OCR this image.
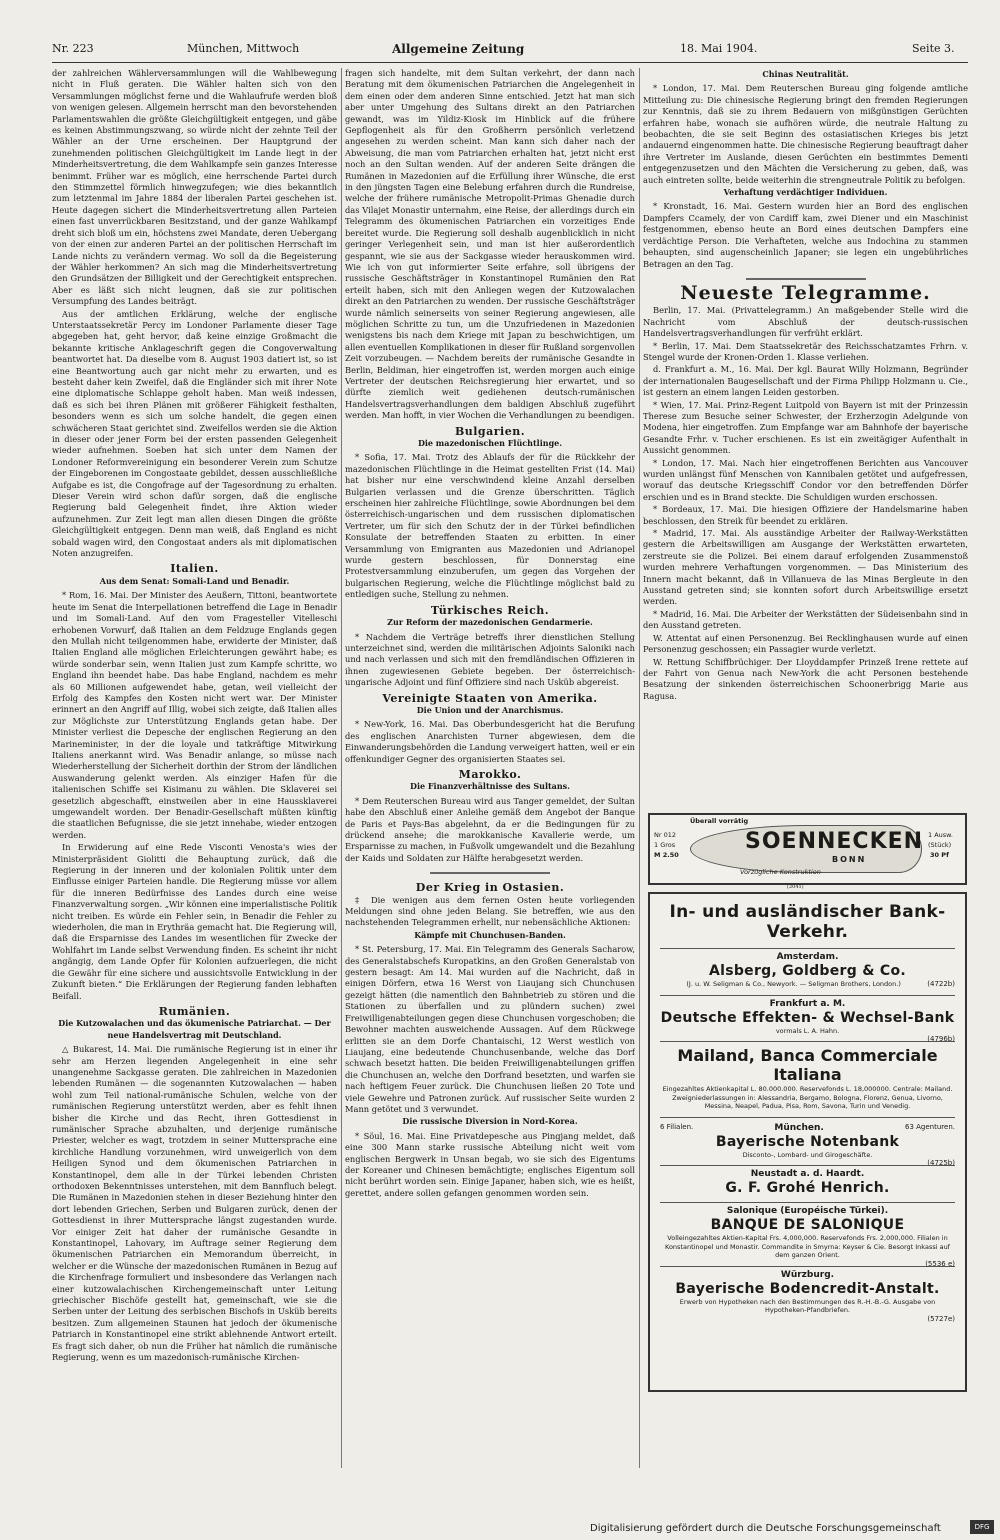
Nr. 223	München, Mittwoch	Allgemeine Zeitung	18. Mai 1904.	Seite 3.

der zahlreichen Wählerversammlungen will die Wahlbewegung nicht in Fluß geraten. Die Wähler halten sich von den Versammlungen möglichst ferne und die Wahlaufrufe werden bloß von wenigen gelesen. Allgemein herrscht man den bevorstehenden Parlamentswahlen die größte Gleichgültigkeit entgegen, und gäbe es keinen Abstimmungszwang, so würde nicht der zehnte Teil der Wähler an der Urne erscheinen. Der Hauptgrund der zunehmenden politischen Gleichgültigkeit im Lande liegt in der Minderheitsvertretung, die dem Wahlkampfe sein ganzes Interesse benimmt. Früher war es möglich, eine herrschende Partei durch den Stimmzettel förmlich hinwegzufegen; wie dies bekanntlich zum letztenmal im Jahre 1884 der liberalen Partei geschehen ist. Heute dagegen sichert die Minderheitsvertretung allen Parteien einen fast unverrückbaren Besitzstand, und der ganze Wahlkampf dreht sich bloß um ein, höchstens zwei Mandate, deren Uebergang von der einen zur anderen Partei an der politischen Herrschaft im Lande nichts zu verändern vermag. Wo soll da die Begeisterung der Wähler herkommen? An sich mag die Minderheitsvertretung den Grundsätzen der Billigkeit und der Gerechtigkeit entsprechen. Aber es läßt sich nicht leugnen, daß sie zur politischen Versumpfung des Landes beiträgt.

Aus der amtlichen Erklärung, welche der englische Unterstaatssekretär Percy im Londoner Parlamente dieser Tage abgegeben hat, geht hervor, daß keine einzige Großmacht die bekannte kritische Anklageschrift gegen die Congoverwaltung beantwortet hat. Da dieselbe vom 8. August 1903 datiert ist, so ist eine Beantwortung auch gar nicht mehr zu erwarten, und es besteht daher kein Zweifel, daß die Engländer sich mit ihrer Note eine diplomatische Schlappe geholt haben. Man weiß indessen, daß es sich bei ihren Plänen mit größerer Fähigkeit festhalten, besonders wenn es sich um solche handelt, die gegen einen schwächeren Staat gerichtet sind. Zweifellos werden sie die Aktion in dieser oder jener Form bei der ersten passenden Gelegenheit wieder aufnehmen. Soeben hat sich unter dem Namen der Londoner Reformvereinigung ein besonderer Verein zum Schutze der Eingeborenen im Congostaate gebildet, dessen ausschließliche Aufgabe es ist, die Congofrage auf der Tagesordnung zu erhalten. Dieser Verein wird schon dafür sorgen, daß die englische Regierung bald Gelegenheit findet, ihre Aktion wieder aufzunehmen. Zur Zeit legt man allen diesen Dingen die größte Gleichgültigkeit entgegen. Denn man weiß, daß England es nicht sobald wagen wird, den Congostaat anders als mit diplomatischen Noten anzugreifen.

Italien.
Aus dem Senat: Somali-Land und Benadir.

* Rom, 16. Mai. Der Minister des Aeußern, Tittoni, beantwortete heute im Senat die Interpellationen betreffend die Lage in Benadir und im Somali-Land. Auf den vom Fragesteller Vitelleschi erhobenen Vorwurf, daß Italien an dem Feldzuge Englands gegen den Mullah nicht teilgenommen habe, erwiderte der Minister, daß Italien England alle möglichen Erleichterungen gewährt habe; es würde sonderbar sein, wenn Italien just zum Kampfe schritte, wo England ihn beendet habe. Das habe England, nachdem es mehr als 60 Millionen aufgewendet habe, getan, weil vielleicht der Erfolg des Kampfes den Kosten nicht wert war. Der Minister erinnert an den Angriff auf Illig, wobei sich zeigte, daß Italien alles zur Möglichste zur Unterstützung Englands getan habe. Der Minister verliest die Depesche der englischen Regierung an den Marineminister, in der die loyale und tatkräftige Mitwirkung Italiens anerkannt wird. Was Benadir anlange, so müsse nach Wiederherstellung der Sicherheit dorthin der Strom der ländlichen Auswanderung gelenkt werden. Als einziger Hafen für die italienischen Schiffe sei Kisimanu zu wählen. Die Sklaverei sei gesetzlich abgeschafft, einstweilen aber in eine Haussklaverei umgewandelt worden. Der Benadir-Gesellschaft müßten künftig die staatlichen Befugnisse, die sie jetzt innehabe, wieder entzogen werden.

In Erwiderung auf eine Rede Visconti Venosta's wies der Ministerpräsident Giolitti die Behauptung zurück, daß die Regierung in der inneren und der kolonialen Politik unter dem Einflusse einiger Parteien handle. Die Regierung müsse vor allem für die inneren Bedürfnisse des Landes durch eine weise Finanzverwaltung sorgen. „Wir können eine imperialistische Politik nicht treiben. Es würde ein Fehler sein, in Benadir die Fehler zu wiederholen, die man in Erythräa gemacht hat. Die Regierung will, daß die Ersparnisse des Landes im wesentlichen für Zwecke der Wohlfahrt im Lande selbst Verwendung finden. Es scheint ihr nicht angängig, dem Lande Opfer für Kolonien aufzuerlegen, die nicht die Gewähr für eine sichere und aussichtsvolle Entwicklung in der Zukunft bieten.“ Die Erklärungen der Regierung fanden lebhaften Beifall.

Rumänien.
Die Kutzowalachen und das ökumenische Patriarchat. — Der neue Handelsvertrag mit Deutschland.

△ Bukarest, 14. Mai. Die rumänische Regierung ist in einer ihr sehr am Herzen liegenden Angelegenheit in eine sehr unangenehme Sackgasse geraten. Die zahlreichen in Mazedonien lebenden Rumänen — die sogenannten Kutzowalachen — haben wohl zum Teil national-rumänische Schulen, welche von der rumänischen Regierung unterstützt werden, aber es fehlt ihnen bisher die Kirche und das Recht, ihren Gottesdienst in rumänischer Sprache abzuhalten, und derjenige rumänische Priester, welcher es wagt, trotzdem in seiner Muttersprache eine kirchliche Handlung vorzunehmen, wird unweigerlich von dem Heiligen Synod und dem ökumenischen Patriarchen in Konstantinopel, dem alle in der Türkei lebenden Christen orthodoxen Bekenntnisses unterstehen, mit dem Bannfluch belegt. Die Rumänen in Mazedonien stehen in dieser Beziehung hinter den dort lebenden Griechen, Serben und Bulgaren zurück, denen der Gottesdienst in ihrer Muttersprache längst zugestanden wurde. Vor einiger Zeit hat daher der rumänische Gesandte in Konstantinopel, Lahovary, im Auftrage seiner Regierung dem ökumenischen Patriarchen ein Memorandum überreicht, in welcher er die Wünsche der mazedonischen Rumänen in Bezug auf die Kirchenfrage formuliert und insbesondere das Verlangen nach einer kutzowalachischen Kirchengemeinschaft unter Leitung griechischer Bischöfe gestellt hat, gemeinschaft, wie sie die Serben unter der Leitung des serbischen Bischofs in Usküb bereits besitzen. Zum allgemeinen Staunen hat jedoch der ökumenische Patriarch in Konstantinopel eine strikt ablehnende Antwort erteilt. Es fragt sich daher, ob nun die Früher hat nämlich die rumänische Regierung, wenn es um mazedonisch-rumänische Kirchen-

fragen sich handelte, mit dem Sultan verkehrt, der dann nach Beratung mit dem ökumenischen Patriarchen die Angelegenheit in dem einen oder dem anderen Sinne entschied. Jetzt hat man sich aber unter Umgehung des Sultans direkt an den Patriarchen gewandt, was im Yildiz-Kiosk im Hinblick auf die frühere Gepflogenheit als für den Großherrn persönlich verletzend angesehen zu werden scheint. Man kann sich daher nach der Abweisung, die man vom Patriarchen erhalten hat, jetzt nicht erst noch an den Sultan wenden. Auf der anderen Seite drängen die Rumänen in Mazedonien auf die Erfüllung ihrer Wünsche, die erst in den jüngsten Tagen eine Belebung erfahren durch die Rundreise, welche der frühere rumänische Metropolit-Primas Ghenadie durch das Vilajet Monastir unternahm, eine Reise, der allerdings durch ein Telegramm des ökumenischen Patriarchen ein vorzeitiges Ende bereitet wurde. Die Regierung soll deshalb augenblicklich in nicht geringer Verlegenheit sein, und man ist hier außerordentlich gespannt, wie sie aus der Sackgasse wieder herauskommen wird. Wie ich von gut informierter Seite erfahre, soll übrigens der russische Geschäftsträger in Konstantinopel Rumänien den Rat erteilt haben, sich mit den Anliegen wegen der Kutzowalachen direkt an den Patriarchen zu wenden. Der russische Geschäftsträger wurde nämlich seinerseits von seiner Regierung angewiesen, alle möglichen Schritte zu tun, um die Unzufriedenen in Mazedonien wenigstens bis nach dem Kriege mit Japan zu beschwichtigen, um allen eventuellen Komplikationen in dieser für Rußland sorgenvollen Zeit vorzubeugen. — Nachdem bereits der rumänische Gesandte in Berlin, Beldiman, hier eingetroffen ist, werden morgen auch einige Vertreter der deutschen Reichsregierung hier erwartet, und so dürfte ziemlich weit gediehenen deutsch-rumänischen Handelsvertragsverhandlungen dem baldigen Abschluß zugeführt werden. Man hofft, in vier Wochen die Verhandlungen zu beendigen.

Bulgarien.
Die mazedonischen Flüchtlinge.

* Sofia, 17. Mai. Trotz des Ablaufs der für die Rückkehr der mazedonischen Flüchtlinge in die Heimat gestellten Frist (14. Mai) hat bisher nur eine verschwindend kleine Anzahl derselben Bulgarien verlassen und die Grenze überschritten. Täglich erscheinen hier zahlreiche Flüchtlinge, sowie Abordnungen bei dem österreichisch-ungarischen und dem russischen diplomatischen Vertreter, um für sich den Schutz der in der Türkei befindlichen Konsulate der betreffenden Staaten zu erbitten. In einer Versammlung von Emigranten aus Mazedonien und Adrianopel wurde gestern beschlossen, für Donnerstag eine Protestversammlung einzuberufen, um gegen das Vorgehen der bulgarischen Regierung, welche die Flüchtlinge möglichst bald zu entledigen suche, Stellung zu nehmen.

Türkisches Reich.
Zur Reform der mazedonischen Gendarmerie.

* Nachdem die Verträge betreffs ihrer dienstlichen Stellung unterzeichnet sind, werden die militärischen Adjoints Saloniki nach und nach verlassen und sich mit den fremdländischen Offizieren in ihnen zugewiesenen Gebiete begeben. Der österreichisch-ungarische Adjoint und fünf Offiziere sind nach Usküb abgereist.

Vereinigte Staaten von Amerika.
Die Union und der Anarchismus.

* New-York, 16. Mai. Das Oberbundesgericht hat die Berufung des englischen Anarchisten Turner abgewiesen, dem die Einwanderungsbehörden die Landung verweigert hatten, weil er ein offenkundiger Gegner des organisierten Staates sei.

Marokko.
Die Finanzverhältnisse des Sultans.

* Dem Reuterschen Bureau wird aus Tanger gemeldet, der Sultan habe den Abschluß einer Anleihe gemäß dem Angebot der Banque de Paris et Pays-Bas abgelehnt, da er die Bedingungen für zu drückend ansehe; die marokkanische Kavallerie werde, um Ersparnisse zu machen, in Fußvolk umgewandelt und die Bezahlung der Kaids und Soldaten zur Hälfte herabgesetzt werden.

Der Krieg in Ostasien.

‡ Die wenigen aus dem fernen Osten heute vorliegenden Meldungen sind ohne jeden Belang. Sie betreffen, wie aus den nachstehenden Telegrammen erhellt, nur nebensächliche Aktionen:

Kämpfe mit Chunchusen-Banden.

* St. Petersburg, 17. Mai. Ein Telegramm des Generals Sacharow, des Generalstabschefs Kuropatkins, an den Großen Generalstab von gestern besagt: Am 14. Mai wurden auf die Nachricht, daß in einigen Dörfern, etwa 16 Werst von Liaujang sich Chunchusen gezeigt hätten (die namentlich den Bahnbetrieb zu stören und die Stationen zu überfallen und zu plündern suchen) zwei Freiwilligenabteilungen gegen diese Chunchusen vorgeschoben; die Bewohner machten ausweichende Aussagen. Auf dem Rückwege erlitten sie an dem Dorfe Chantaischi, 12 Werst westlich von Liaujang, eine bedeutende Chunchusenbande, welche das Dorf schwach besetzt hatten. Die beiden Freiwilligenabteilungen griffen die Chunchusen an, welche den Dorfrand besetzten, und warfen sie nach heftigem Feuer zurück. Die Chunchusen ließen 20 Tote und viele Gewehre und Patronen zurück. Auf russischer Seite wurden 2 Mann getötet und 3 verwundet.

Die russische Diversion in Nord-Korea.

* Söul, 16. Mai. Eine Privatdepesche aus Pingjang meldet, daß eine 300 Mann starke russische Abteilung nicht weit vom englischen Bergwerk in Unsan begab, wo sie sich des Eigentums der Koreaner und Chinesen bemächtigte; englisches Eigentum soll nicht berührt worden sein. Einige Japaner, haben sich, wie es heißt, gerettet, andere sollen gefangen genommen worden sein.

Chinas Neutralität.

* London, 17. Mai. Dem Reuterschen Bureau ging folgende amtliche Mitteilung zu: Die chinesische Regierung bringt den fremden Regierungen zur Kenntnis, daß sie zu ihrem Bedauern von mißgünstigen Gerüchten erfahren habe, wonach sie aufhören würde, die neutrale Haltung zu beobachten, die sie seit Beginn des ostasiatischen Krieges bis jetzt andauernd eingenommen hatte. Die chinesische Regierung beauftragt daher ihre Vertreter im Auslande, diesen Gerüchten ein bestimmtes Dementi entgegenzusetzen und den Mächten die Versicherung zu geben, daß, was auch eintreten sollte, beide weiterhin die strengneutrale Politik zu befolgen.

Verhaftung verdächtiger Individuen.

* Kronstadt, 16. Mai. Gestern wurden hier an Bord des englischen Dampfers Ccamely, der von Cardiff kam, zwei Diener und ein Maschinist festgenommen, ebenso heute an Bord eines deutschen Dampfers eine verdächtige Person. Die Verhafteten, welche aus Indochina zu stammen behaupten, sind augenscheinlich Japaner; sie legen ein ungebührliches Betragen an den Tag.

Neueste Telegramme.

Berlin, 17. Mai. (Privattelegramm.) An maßgebender Stelle wird die Nachricht vom Abschluß der deutsch-russischen Handelsvertragsverhandlungen für verfrüht erklärt.

* Berlin, 17. Mai. Dem Staatssekretär des Reichsschatzamtes Frhrn. v. Stengel wurde der Kronen-Orden 1. Klasse verliehen.

d. Frankfurt a. M., 16. Mai. Der kgl. Baurat Willy Holzmann, Begründer der internationalen Baugesellschaft und der Firma Philipp Holzmann u. Cie., ist gestern an einem langen Leiden gestorben.

* Wien, 17. Mai. Prinz-Regent Luitpold von Bayern ist mit der Prinzessin Therese zum Besuche seiner Schwester, der Erzherzogin Adelgunde von Modena, hier eingetroffen. Zum Empfange war am Bahnhofe der bayerische Gesandte Frhr. v. Tucher erschienen. Es ist ein zweitägiger Aufenthalt in Aussicht genommen.

* London, 17. Mai. Nach hier eingetroffenen Berichten aus Vancouver wurden unlängst fünf Menschen von Kannibalen getötet und aufgefressen, worauf das deutsche Kriegsschiff Condor vor den betreffenden Dörfer erschien und es in Brand steckte. Die Schuldigen wurden erschossen.

* Bordeaux, 17. Mai. Die hiesigen Offiziere der Handelsmarine haben beschlossen, den Streik für beendet zu erklären.

* Madrid, 17. Mai. Als ausständige Arbeiter der Railway-Werkstätten gestern die Arbeitswilligen am Ausgange der Werkstätten erwarteten, zerstreute sie die Polizei. Bei einem darauf erfolgenden Zusammenstoß wurden mehrere Verhaftungen vorgenommen. — Das Ministerium des Innern macht bekannt, daß in Villanueva de las Minas Bergleute in den Ausstand getreten sind; sie konnten sofort durch Arbeitswillige ersetzt werden.

* Madrid, 16. Mai. Die Arbeiter der Werkstätten der Südeisenbahn sind in den Ausstand getreten.

W. Attentat auf einen Personenzug. Bei Recklinghausen wurde auf einen Personenzug geschossen; ein Passagier wurde verletzt.

W. Rettung Schiffbrüchiger. Der Lloyddampfer Prinzeß Irene rettete auf der Fahrt von Genua nach New-York die acht Personen bestehende Besatzung der sinkenden österreichischen Schoonerbrigg Marie aus Ragusa.

Überall vorrätig
Nr 012
1 Gros
M 2.50
SOENNECKEN
BONN
1 Ausw.
(Stück)
30 Pf
Vorzügliche Konstruktion
(2041)
In- und ausländischer Bank-Verkehr.
Amsterdam.
Alsberg, Goldberg & Co.
(4722b)
(J. u. W. Seligman & Co., Newyork. — Seligman Brothers, London.)
Frankfurt a. M.
Deutsche Effekten- & Wechsel-Bank
vormals L. A. Hahn.
(4796b)
Mailand, Banca Commerciale Italiana
Eingezahltes Aktienkapital L. 80.000.000. Reservefonds L. 18,000000. Centrale: Mailand. Zweigniederlassungen in: Alessandria, Bergamo, Bologna, Florenz, Genua, Livorno, Messina, Neapel, Padua, Pisa, Rom, Savona, Turin und Venedig.
6 Filialen.	München.	63 Agenturen.
Bayerische Notenbank
Disconto-, Lombard- und Girogeschäfte.
(4725b)
Neustadt a. d. Haardt.
G. F. Grohé Henrich.
Salonique (Européische Türkei).
BANQUE DE SALONIQUE
Volleingezahltes Aktien-Kapital Frs. 4,000,000. Reservefonds Frs. 2,000,000. Filialen in Konstantinopel und Monastir. Commandite in Smyrna: Keyser & Cie. Besorgt Inkassi auf dem ganzen Orient.
(5536 e)
Würzburg.
Bayerische Bodencredit-Anstalt.
Erwerb von Hypotheken nach den Bestimmungen des R.-H.-B.-G. Ausgabe von Hypotheken-Pfandbriefen.
(5727e)
Digitalisierung gefördert durch die Deutsche Forschungsgemeinschaft	DFG
